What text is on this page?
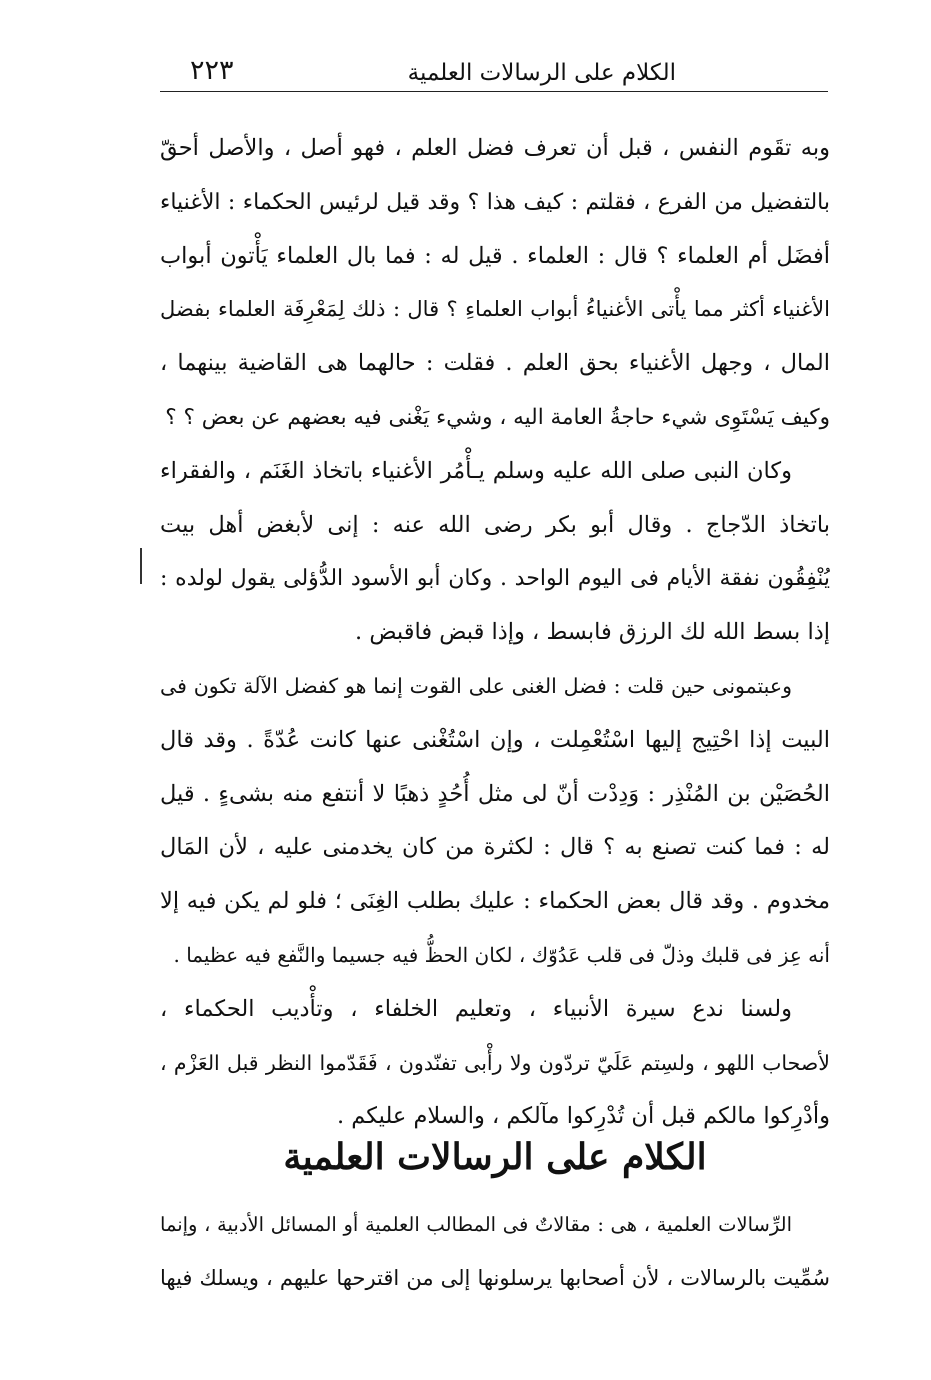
الكلام على الرسالات العلمية
٢٢٣
وبه تقَوم النفس ، قبل أن تعرف فضل العلم ، فهو أصل ، والأصل أحقّ
بالتفضيل من الفرع ، فقلتم : كيف هذا ؟ وقد قيل لرئيس الحكماء : الأغنياء
أفضَل أم العلماء ؟ قال : العلماء . قيل له : فما بال العلماء يَأْتون أبواب
الأغنياء أكثر مما يأْتى الأغنياءُ أبواب العلماءِ ؟ قال : ذلك لِمَعْرِفَة العلماء بفضل
المال ، وجهل الأغنياء بحق العلم . فقلت : حالهما هى القاضية بينهما ،
وكيف يَسْتَوِى شيء حاجةُ العامة اليه ، وشيء يَغْنى فيه بعضهم عن بعض ؟ ؟
وكان النبى صلى الله عليه وسلم يـأْمُر الأغنياء باتخاذ الغَنَم ، والفقراء
باتخاذ الدّجاج . وقال أبو بكر رضى الله عنه : إنى لأبغض أهل بيت
يُنْفِقُون نفقة الأيام فى اليوم الواحد . وكان أبو الأسود الدُّؤلى يقول لولده :
إذا بسط الله لك الرزق فابسط ، وإذا قبض فاقبض .
وعبتمونى حين قلت : فضل الغنى على القوت إنما هو كفضل الآلة تكون فى
البيت إذا احْتِيج إليها اسْتُعْمِلت ، وإن اسْتُغْنى عنها كانت عُدّةً . وقد قال
الحُصَيْن بن المُنْذِر : وَدِدْت أنّ لى مثل أُحُدٍ ذهبًا لا أنتفع منه بشىءٍ . قيل
له : فما كنت تصنع به ؟ قال : لكثرة من كان يخدمنى عليه ، لأن المَال
مخدوم . وقد قال بعض الحكماء : عليك بطلب الغِنَى ؛ فلو لم يكن فيه إلا
أنه عِز فى قلبك وذلّ فى قلب عَدُوّك ، لكان الحظُّ فيه جسيما والنَّفع فيه عظيما .
ولسنا ندع سيرة الأنبياء ، وتعليم الخلفاء ، وتأْديب الحكماء ،
لأصحاب اللهو ، ولسِتم عَلَيّ تردّون ولا رأْبى تفنّدون ، فَقَدّموا النظر قبل العَزْم ،
وأدْرِكوا مالكم قبل أن تُدْرِكوا مآلكم ، والسلام عليكم .
الكلام على الرسالات العلمية
الرِّسالات العلمية ، هى : مقالاتٌ فى المطالب العلمية أو المسائل الأدبية ، وإنما
سُمِّيت بالرسالات ، لأن أصحابها يرسلونها إلى من اقترحها عليهم ، ويسلك فيها
